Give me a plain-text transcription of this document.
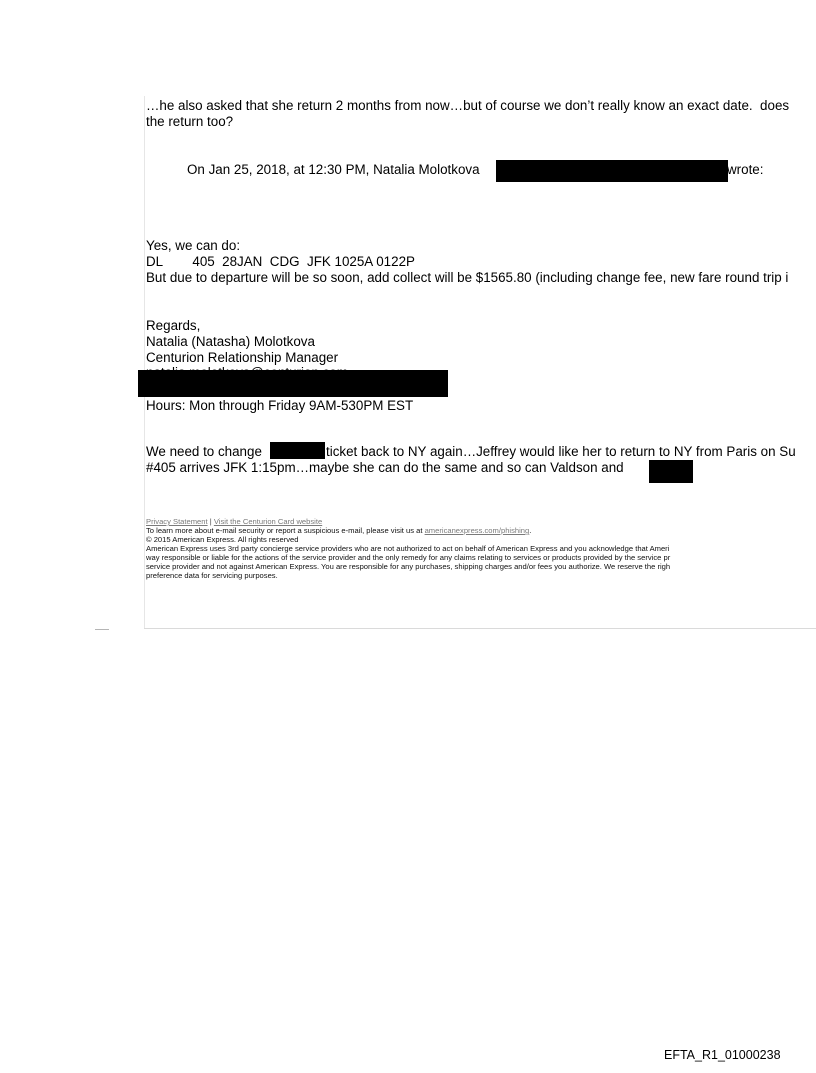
…he also asked that she return 2 months from now…but of course we don’t really know an exact date.  does
the return too?
On Jan 25, 2018, at 12:30 PM, Natalia Molotkova	wrote:
Yes, we can do:
DL        405  28JAN  CDG  JFK 1025A 0122P
But due to departure will be so soon, add collect will be $1565.80 (including change fee, new fare round trip i
Regards,
Natalia (Natasha) Molotkova
Centurion Relationship Manager
Hours: Mon through Friday 9AM-530PM EST
We need to change	ticket back to NY again…Jeffrey would like her to return to NY from Paris on Su
#405 arrives JFK 1:15pm…maybe she can do the same and so can Valdson and
Privacy Statement | Visit the Centurion Card website
To learn more about e-mail security or report a suspicious e-mail, please visit us at americanexpress.com/phishing.
© 2015 American Express. All rights reserved
American Express uses 3rd party concierge service providers who are not authorized to act on behalf of American Express and you acknowledge that Ameri
way responsible or liable for the actions of the service provider and the only remedy for any claims relating to services or products provided by the service pr
service provider and not against American Express. You are responsible for any purchases, shipping charges and/or fees you authorize. We reserve the righ
preference data for servicing purposes.
EFTA_R1_01000238
